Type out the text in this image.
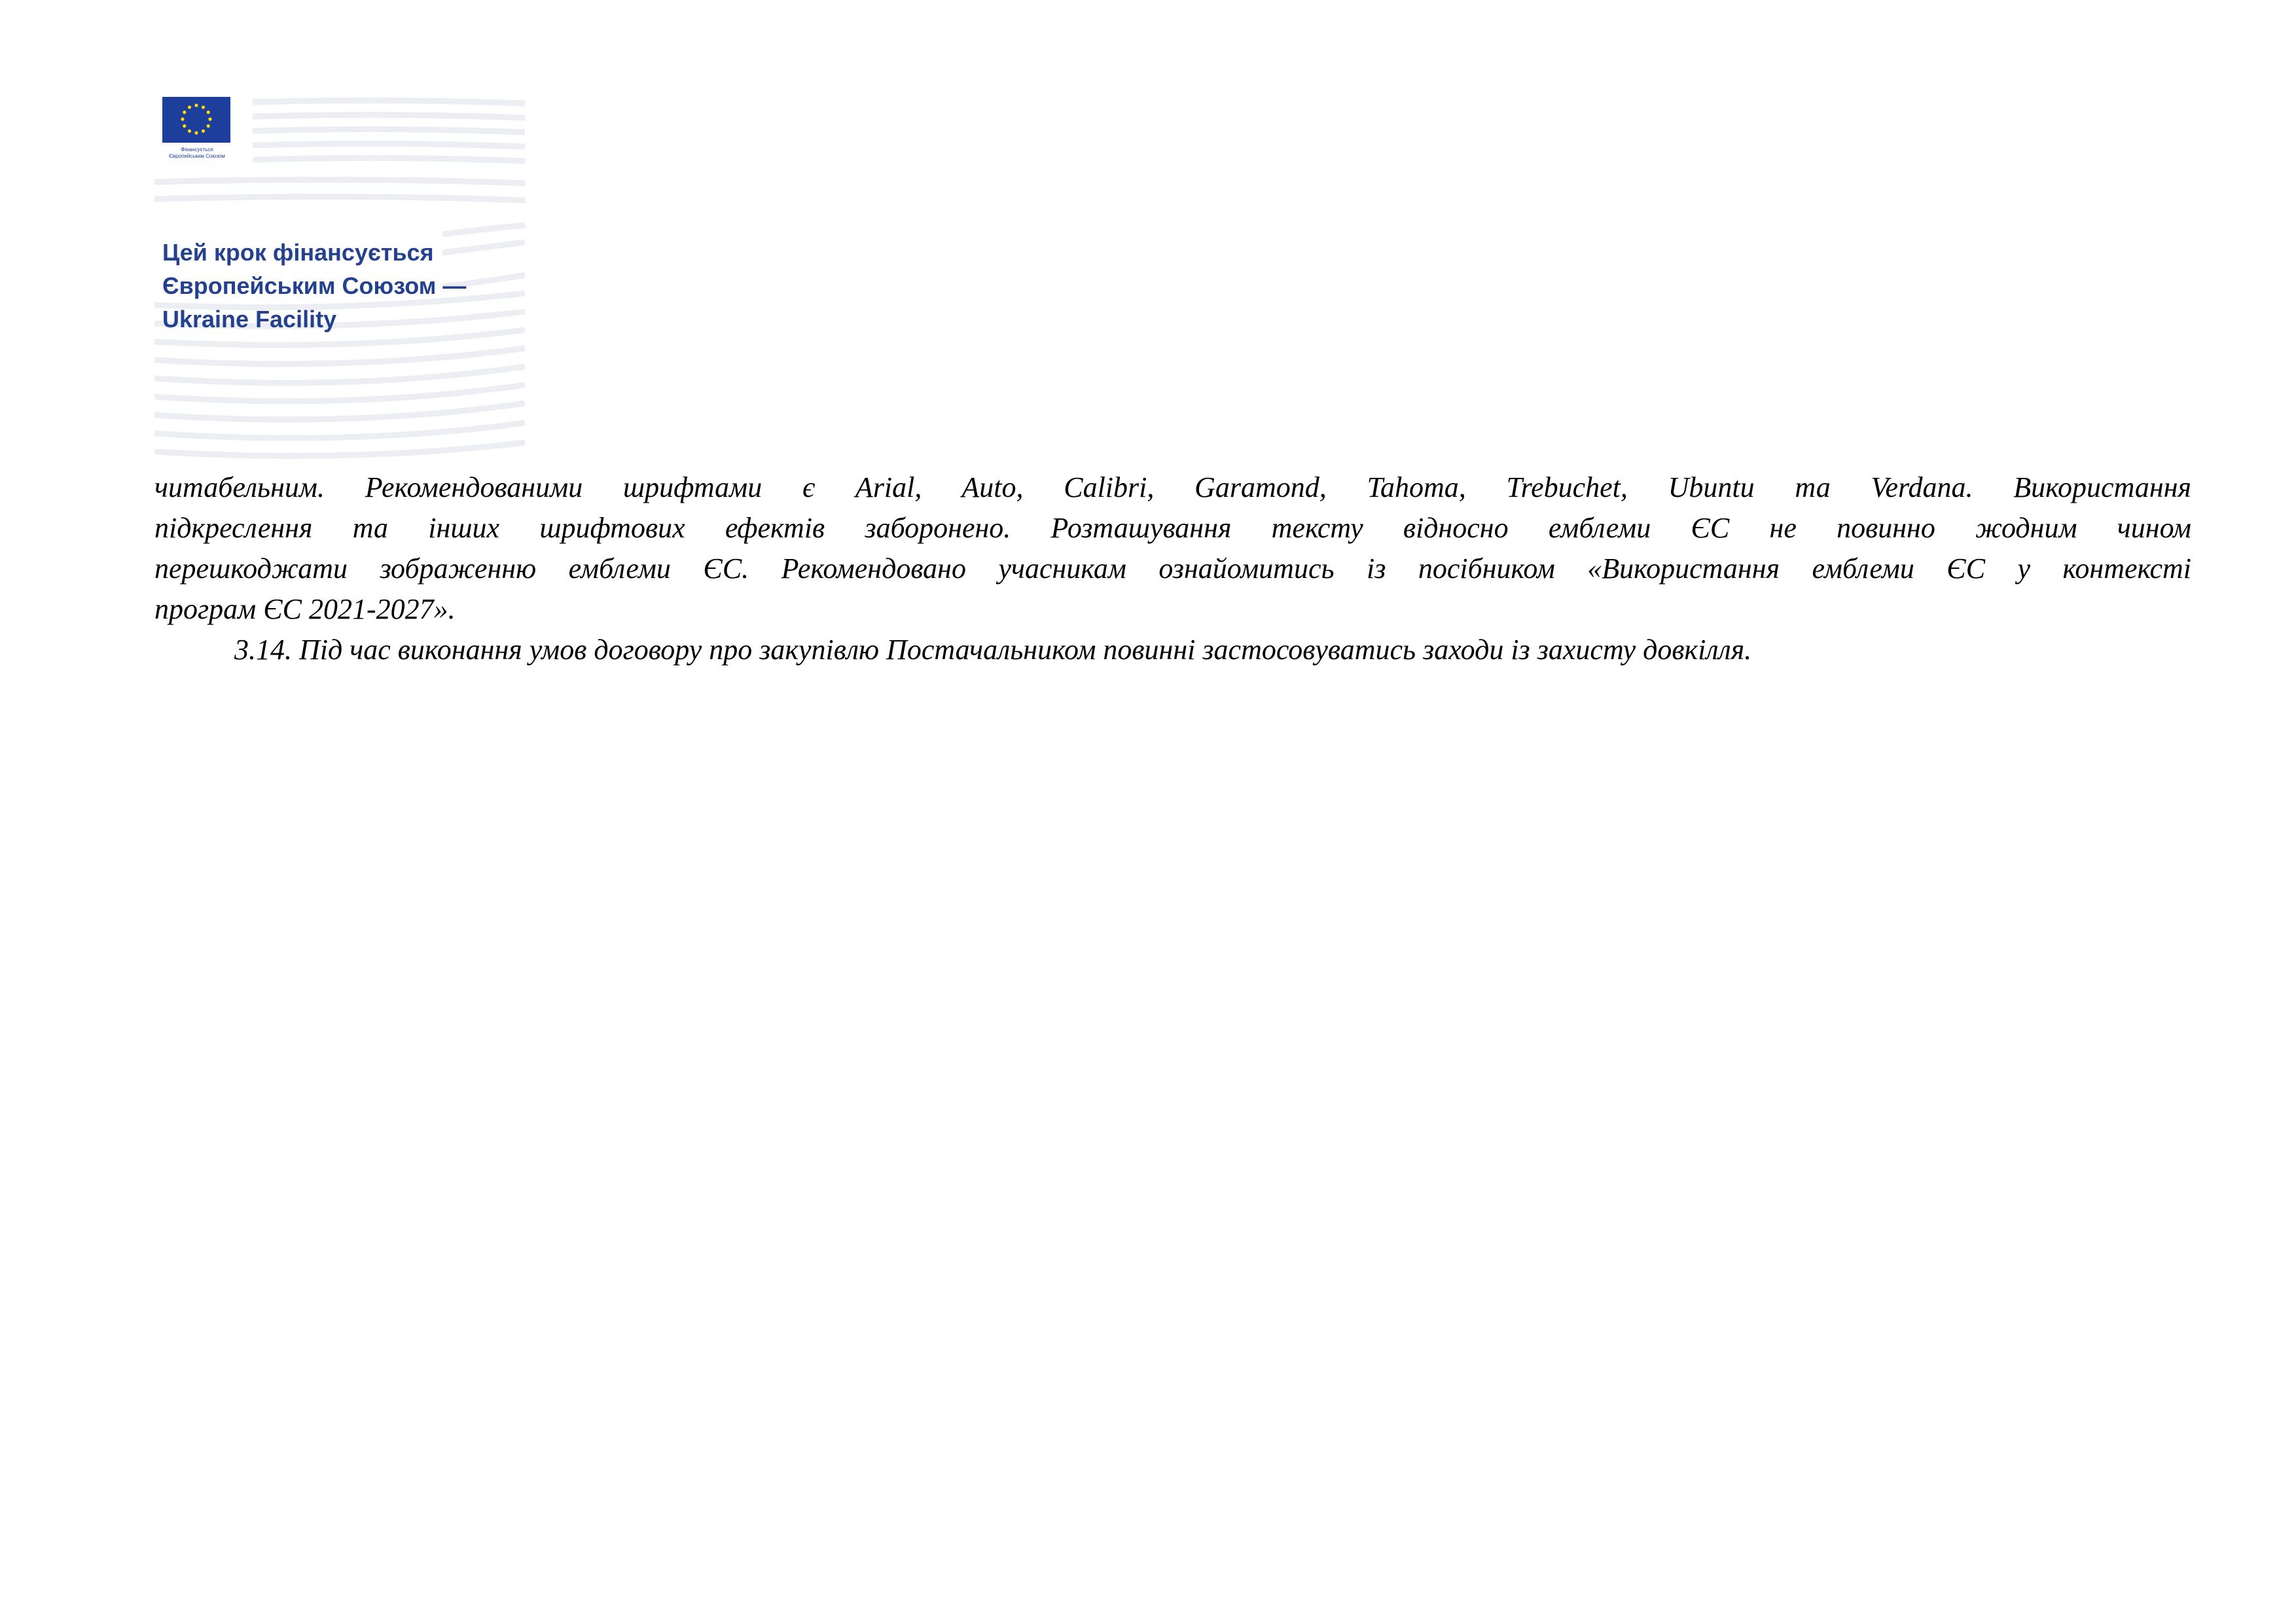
Фінансується
Європейським Союзом
Цей крок фінансується
Європейським Союзом —
Ukraine Facility

читабельним. Рекомендованими шрифтами є Arial, Auto, Calibri, Garamond, Tahoma, Trebuchet, Ubuntu та Verdana. Використання
підкреслення та інших шрифтових ефектів заборонено. Розташування тексту відносно емблеми ЄС не повинно жодним чином
перешкоджати зображенню емблеми ЄС. Рекомендовано учасникам ознайомитись із посібником «Використання емблеми ЄС у контексті
програм ЄС 2021-2027».

3.14. Під час виконання умов договору про закупівлю Постачальником повинні застосовуватись заходи із захисту довкілля.
